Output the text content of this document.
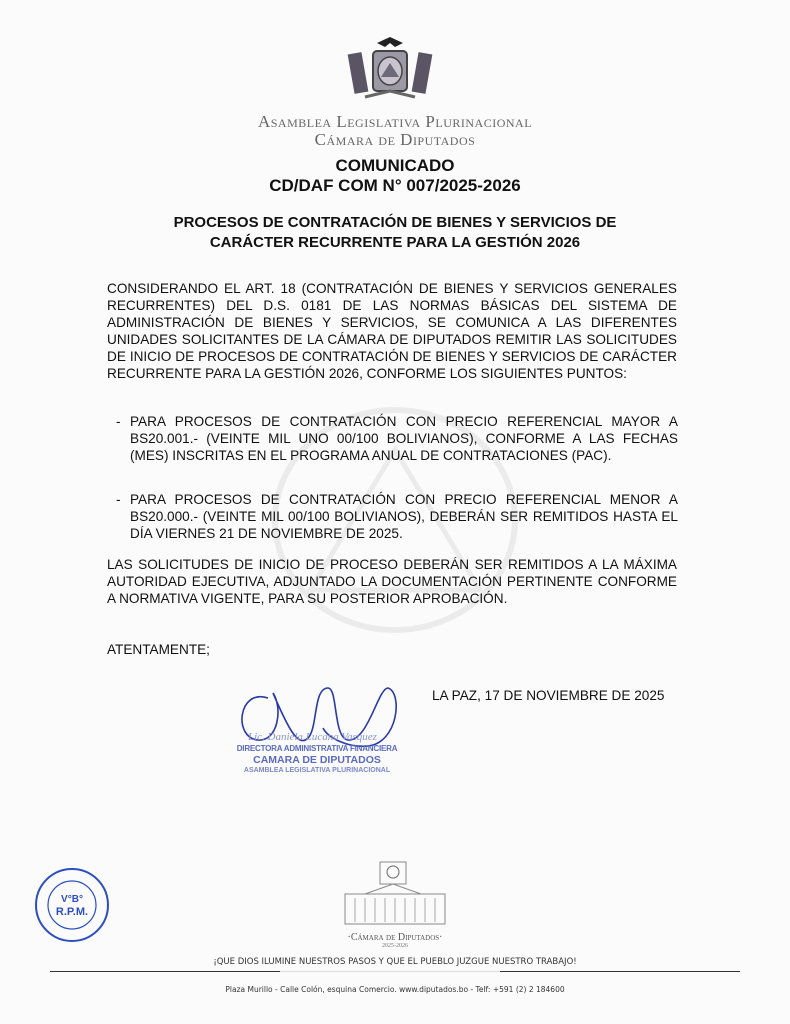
Asamblea Legislativa Plurinacional
Cámara de Diputados
COMUNICADO
CD/DAF COM N° 007/2025-2026
PROCESOS DE CONTRATACIÓN DE BIENES Y SERVICIOS DE
CARÁCTER RECURRENTE PARA LA GESTIÓN 2026
CONSIDERANDO EL ART. 18 (CONTRATACIÓN DE BIENES Y SERVICIOS GENERALES RECURRENTES) DEL D.S. 0181 DE LAS NORMAS BÁSICAS DEL SISTEMA DE ADMINISTRACIÓN DE BIENES Y SERVICIOS, SE COMUNICA A LAS DIFERENTES UNIDADES SOLICITANTES DE LA CÁMARA DE DIPUTADOS REMITIR LAS SOLICITUDES DE INICIO DE PROCESOS DE CONTRATACIÓN DE BIENES Y SERVICIOS DE CARÁCTER RECURRENTE PARA LA GESTIÓN 2026, CONFORME LOS SIGUIENTES PUNTOS:
- PARA PROCESOS DE CONTRATACIÓN CON PRECIO REFERENCIAL MAYOR A BS20.001.- (VEINTE MIL UNO 00/100 BOLIVIANOS), CONFORME A LAS FECHAS (MES) INSCRITAS EN EL PROGRAMA ANUAL DE CONTRATACIONES (PAC).
- PARA PROCESOS DE CONTRATACIÓN CON PRECIO REFERENCIAL MENOR A BS20.000.- (VEINTE MIL 00/100 BOLIVIANOS), DEBERÁN SER REMITIDOS HASTA EL DÍA VIERNES 21 DE NOVIEMBRE DE 2025.
LAS SOLICITUDES DE INICIO DE PROCESO DEBERÁN SER REMITIDOS A LA MÁXIMA AUTORIDAD EJECUTIVA, ADJUNTADO LA DOCUMENTACIÓN PERTINENTE CONFORME A NORMATIVA VIGENTE, PARA SU POSTERIOR APROBACIÓN.
ATENTAMENTE;
LA PAZ, 17 DE NOVIEMBRE DE 2025
Lic. Daniela Lucana Vasquez
DIRECTORA ADMINISTRATIVA FINANCIERA
CAMARA DE DIPUTADOS
ASAMBLEA LEGISLATIVA PLURINACIONAL
V°B°
R.P.M.
·Cámara de Diputados·
2025-2026
¡QUE DIOS ILUMINE NUESTROS PASOS Y QUE EL PUEBLO JUZGUE NUESTRO TRABAJO!
Plaza Murillo - Calle Colón, esquina Comercio. www.diputados.bo - Telf: +591 (2) 2 184600
